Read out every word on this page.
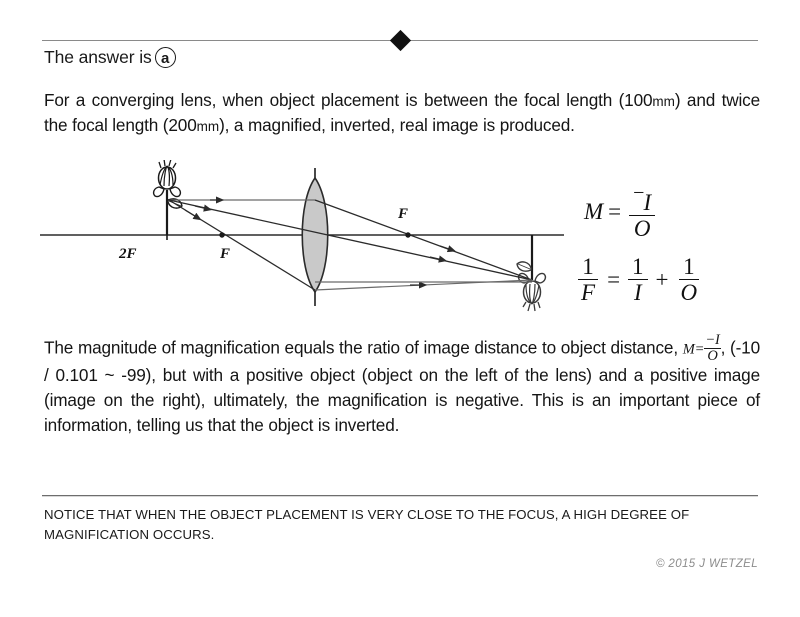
The answer is a
For a converging lens, when object placement is between the focal length (100mm) and twice the focal length (200mm), a magnified, inverted, real image is produced.
2F	F
F	$M = \frac{-I}{O}$
$\frac{1}{F} = \frac{1}{I} + \frac{1}{O}$
The magnitude of magnification equals the ratio of image distance to object distance, $M= \frac{-I}{O}$ , (-10 / 0.101 ~ -99), but with a positive object (object on the left of the lens) and a positive image (image on the right), ultimately, the magnification is negative. This is an important piece of information, telling us that the object is inverted.
NOTICE THAT WHEN THE OBJECT PLACEMENT IS VERY CLOSE TO THE FOCUS, A HIGH DEGREE OF MAGNIFICATION OCCURS.
© 2015 J WETZEL
